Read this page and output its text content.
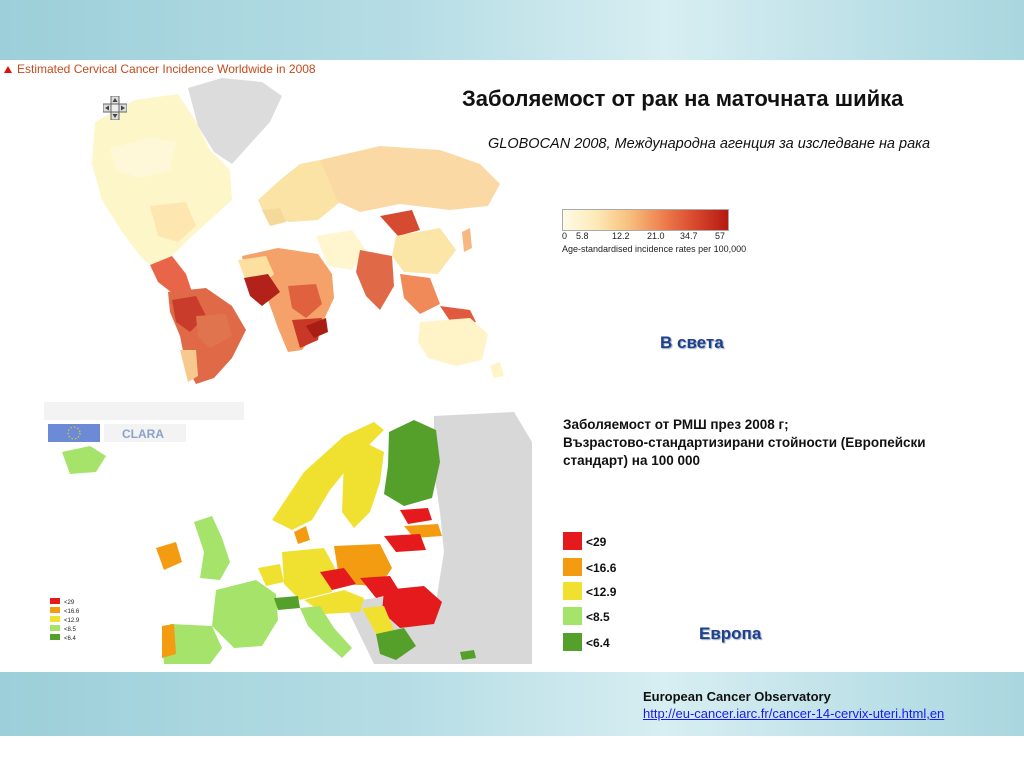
Estimated Cervical Cancer Incidence Worldwide in 2008
Заболяемост от рак на маточната шийка
GLOBOCAN 2008, Международна агенция за изследване на рака
0 5.8	12.2 21.0 34.7 57
Age-standardised incidence rates per 100,000
В света
CLARA
<29
<16.6
<12.9
<8.5
<6.4
Заболяемост от РМШ през 2008 г;
Възрастово-стандартизирани стойности (Европейски
стандарт) на 100 000
<29
<16.6
<12.9
<8.5
<6.4	Европа
European Cancer Observatory
http://eu-cancer.iarc.fr/cancer-14-cervix-uteri.html,en
